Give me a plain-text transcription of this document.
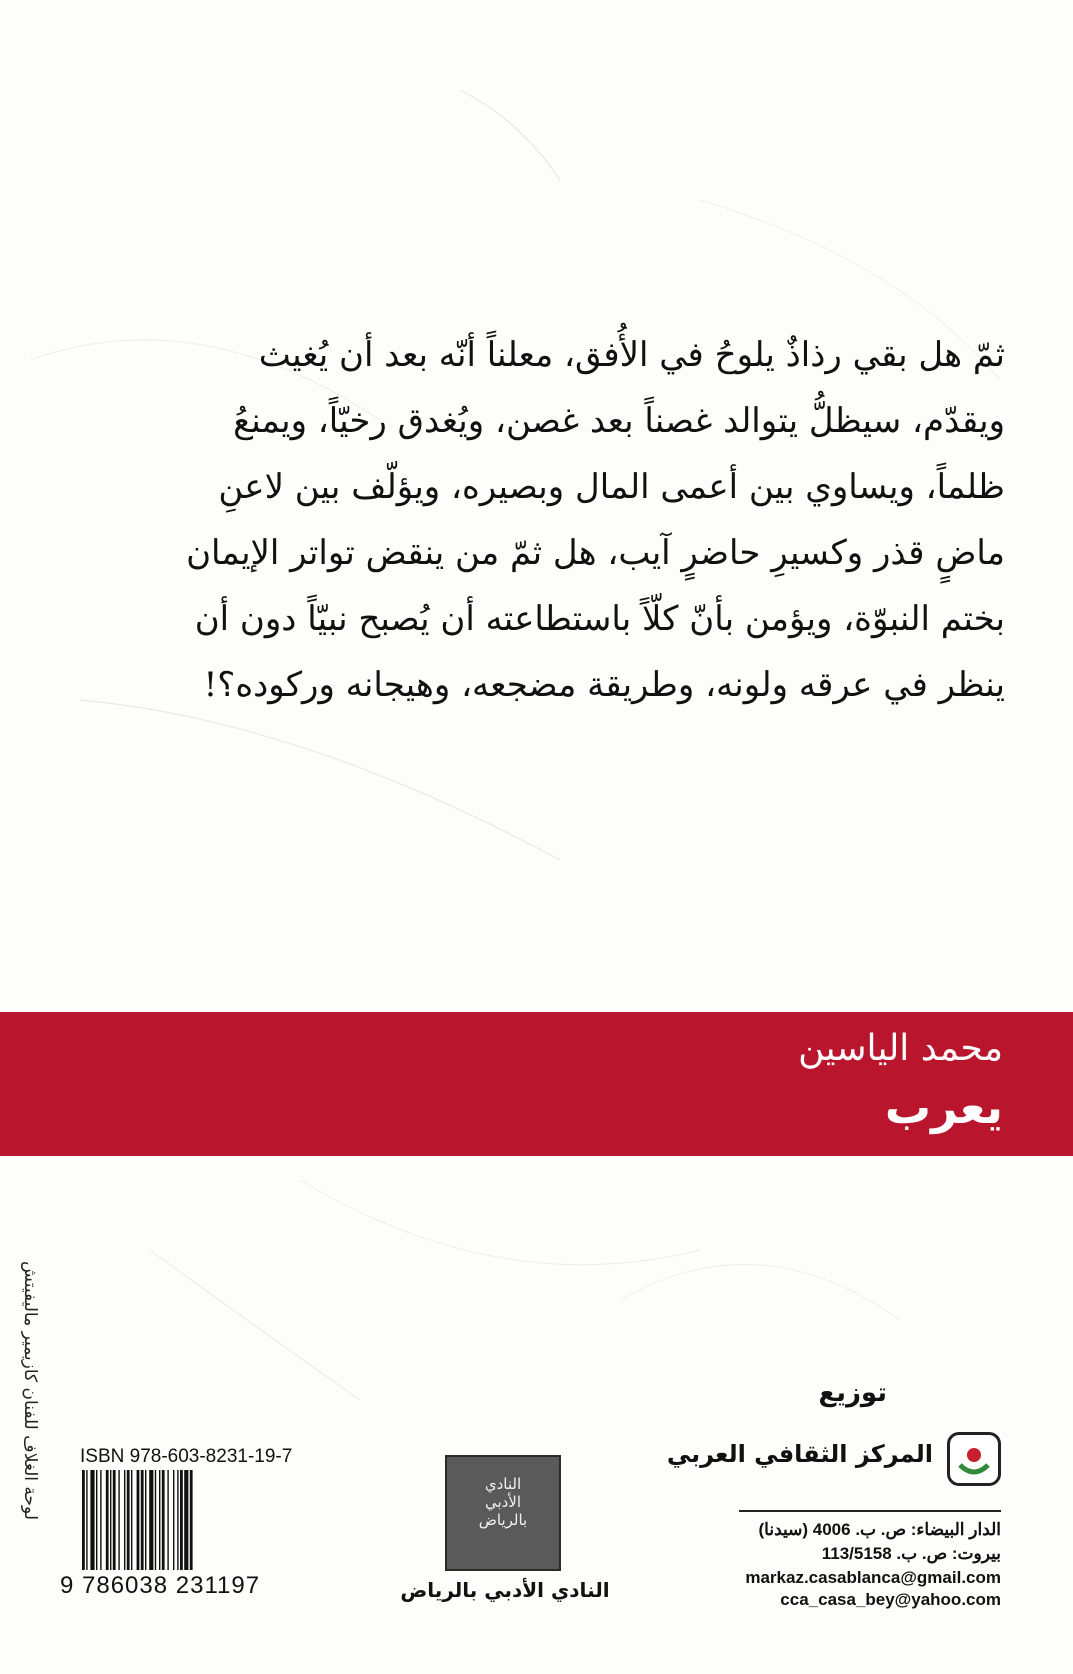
ثمّ هل بقي رذاذٌ يلوحُ في الأُفق، معلناً أنّه بعد أن يُغيث
ويقدّم، سيظلُّ يتوالد غصناً بعد غصن، ويُغدق رخيّاً، ويمنعُ
ظلماً، ويساوي بين أعمى المال وبصيره، ويؤلّف بين لاعنِ
ماضٍ قذر وكسيرِ حاضرٍ آيب، هل ثمّ من ينقض تواتر الإيمان
بختم النبوّة، ويؤمن بأنّ كلّاً باستطاعته أن يُصبح نبيّاً دون أن
ينظر في عرقه ولونه، وطريقة مضجعه، وهيجانه وركوده؟!
محمد الياسين
يعرب
لوحة الغلاف للفنان كازيمير ماليفيتش ISBN 978-603-8231-19-7
9 786038 231197
النادي
الأدبي
بالرياض
النادي الأدبي بالرياض
توزيع
المركز الثقافي العربي
الدار البيضاء: ص. ب. 4006 (سيدنا)
بيروت: ص. ب. 113/5158
markaz.casablanca@gmail.com
cca_casa_bey@yahoo.com
